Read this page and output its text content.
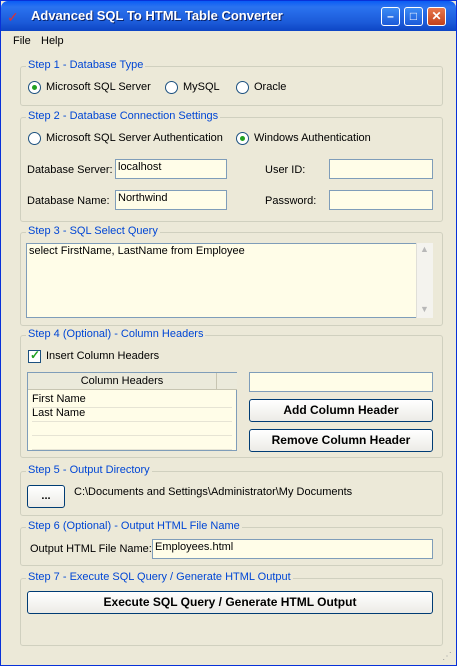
✓ Advanced SQL To HTML Table Converter	–	□	✕
File Help
Step 1 - Database Type
Microsoft SQL Server	MySQL	Oracle
Step 2 - Database Connection Settings
Microsoft SQL Server Authentication	Windows Authentication
Database Server: localhost
Database Name: Northwind
User ID:
Password:
Step 3 - SQL Select Query
select FirstName, LastName from Employee	▲
▼
Step 4 (Optional) - Column Headers
✓
Insert Column Headers
Column Headers
First Name
Last Name	Add Column Header
Remove Column Header
Step 5 - Output Directory
...	C:\Documents and Settings\Administrator\My Documents
Step 6 (Optional) - Output HTML File Name
Output HTML File Name: Employees.html
Step 7 - Execute SQL Query / Generate HTML Output
Execute SQL Query / Generate HTML Output
⋰
